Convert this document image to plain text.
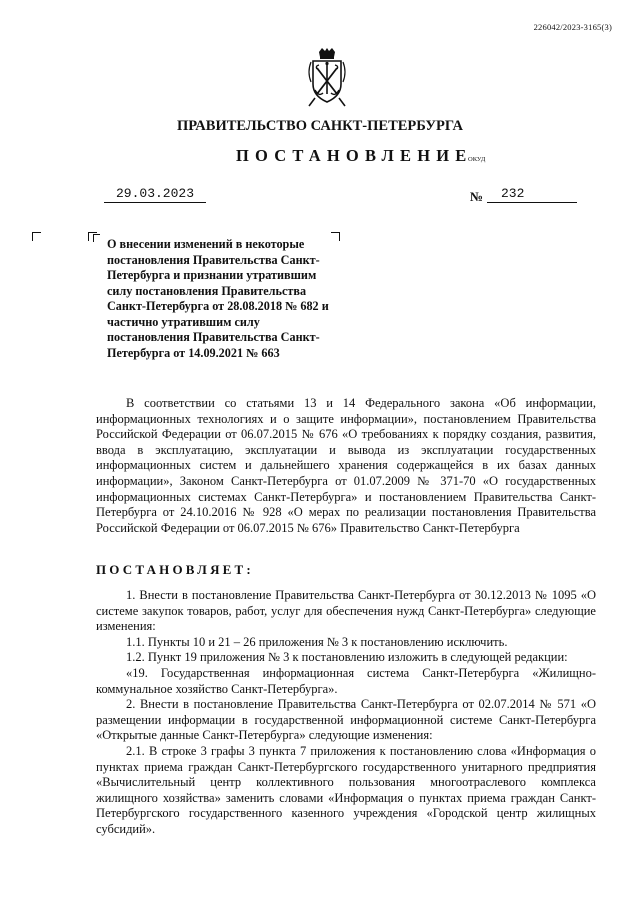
226042/2023-3165(3)
ПРАВИТЕЛЬСТВО САНКТ-ПЕТЕРБУРГА
ПОСТАНОВЛЕНИЕ
ОКУД
29.03.2023	№	232
О внесении изменений в некоторые постановления Правительства Санкт-Петербурга и признании утратившим силу постановления Правительства Санкт-Петербурга от 28.08.2018 № 682 и частично утратившим силу постановления Правительства Санкт-Петербурга от 14.09.2021 № 663

В соответствии со статьями 13 и 14 Федерального закона «Об информации, информационных технологиях и о защите информации», постановлением Правительства Российской Федерации от 06.07.2015 № 676 «О требованиях к порядку создания, развития, ввода в эксплуатацию, эксплуатации и вывода из эксплуатации государственных информационных систем и дальнейшего хранения содержащейся в их базах данных информации», Законом Санкт-Петербурга от 01.07.2009 № 371-70 «О государственных информационных системах Санкт-Петербурга» и постановлением Правительства Санкт-Петербурга от 24.10.2016 № 928 «О мерах по реализации постановления Правительства Российской Федерации от 06.07.2015 № 676» Правительство Санкт-Петербурга

ПОСТАНОВЛЯЕТ:

1. Внести в постановление Правительства Санкт-Петербурга от 30.12.2013 № 1095 «О системе закупок товаров, работ, услуг для обеспечения нужд Санкт-Петербурга» следующие изменения:

1.1. Пункты 10 и 21 – 26 приложения № 3 к постановлению исключить.

1.2. Пункт 19 приложения № 3 к постановлению изложить в следующей редакции:

«19. Государственная информационная система Санкт-Петербурга «Жилищно-коммунальное хозяйство Санкт-Петербурга».

2. Внести в постановление Правительства Санкт-Петербурга от 02.07.2014 № 571 «О размещении информации в государственной информационной системе Санкт-Петербурга «Открытые данные Санкт-Петербурга» следующие изменения:

2.1. В строке 3 графы 3 пункта 7 приложения к постановлению слова «Информация о пунктах приема граждан Санкт-Петербургского государственного унитарного предприятия «Вычислительный центр коллективного пользования многоотраслевого комплекса жилищного хозяйства» заменить словами «Информация о пунктах приема граждан Санкт-Петербургского государственного казенного учреждения «Городской центр жилищных субсидий».
